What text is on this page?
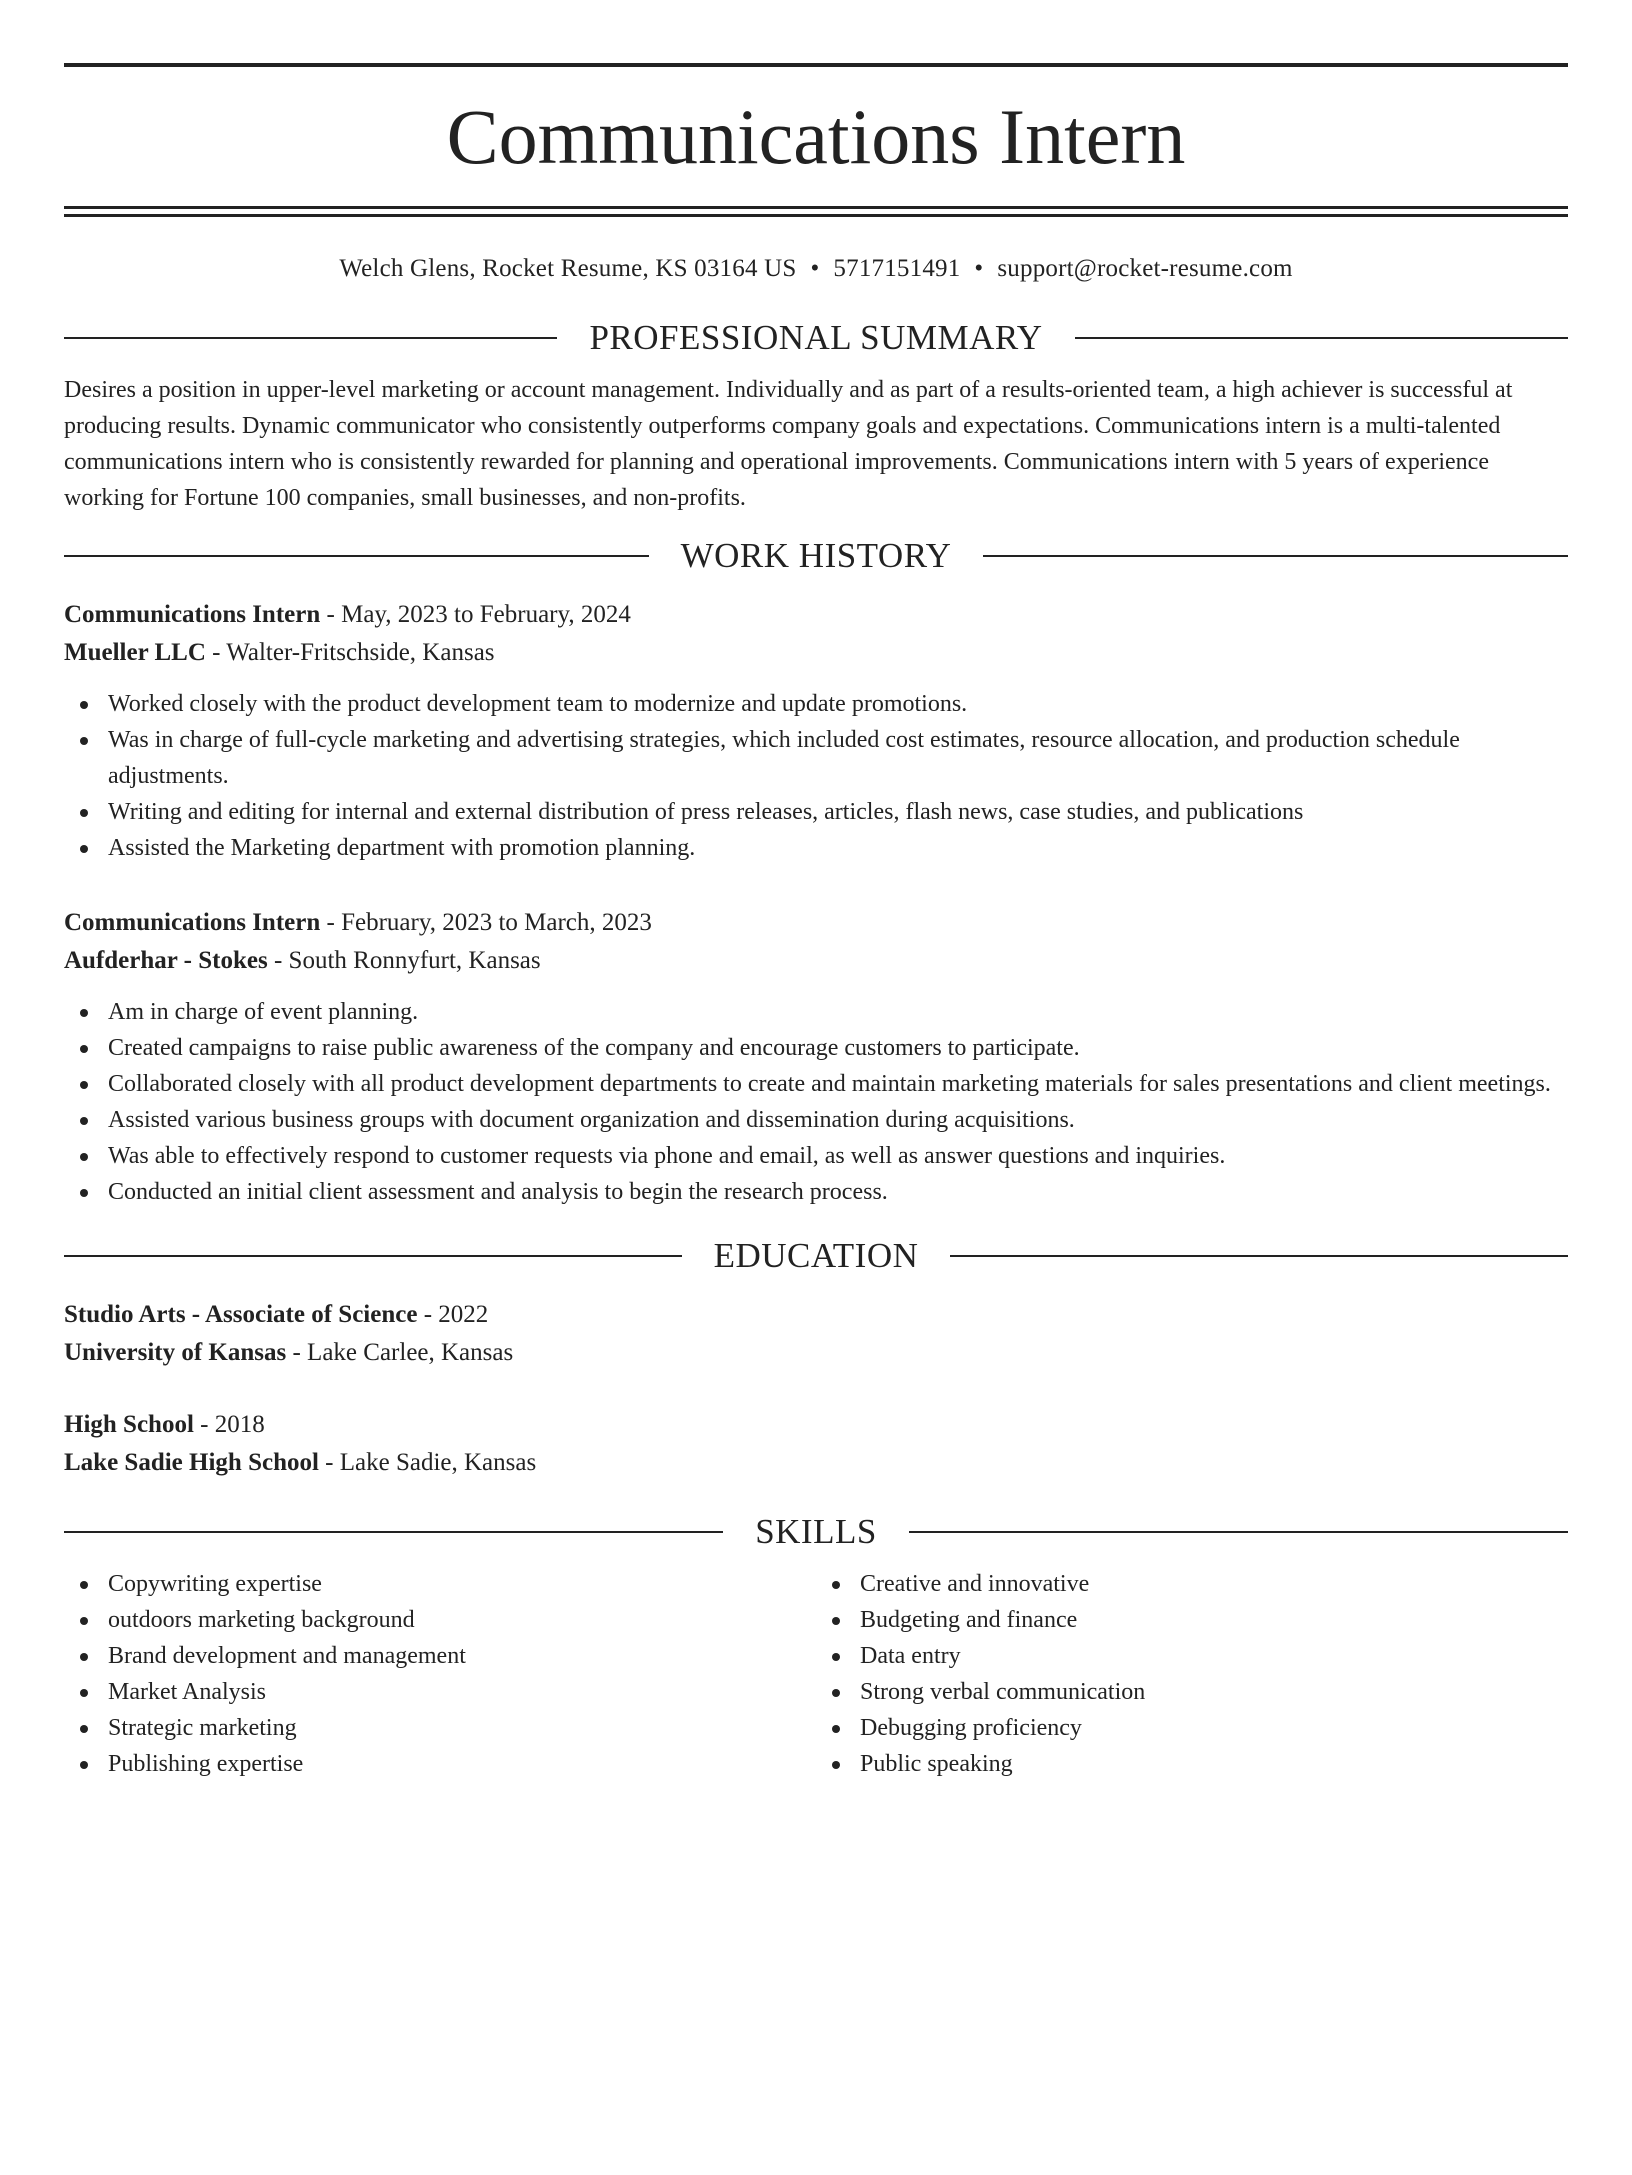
Communications Intern
Welch Glens, Rocket Resume, KS 03164 US • 5717151491 • support@rocket-resume.com
PROFESSIONAL SUMMARY
Desires a position in upper-level marketing or account management. Individually and as part of a results-oriented team, a high achiever is successful at producing results. Dynamic communicator who consistently outperforms company goals and expectations. Communications intern is a multi-talented communications intern who is consistently rewarded for planning and operational improvements. Communications intern with 5 years of experience working for Fortune 100 companies, small businesses, and non-profits.
WORK HISTORY
Communications Intern - May, 2023 to February, 2024
Mueller LLC - Walter-Fritschside, Kansas
Worked closely with the product development team to modernize and update promotions.
Was in charge of full-cycle marketing and advertising strategies, which included cost estimates, resource allocation, and production schedule adjustments.
Writing and editing for internal and external distribution of press releases, articles, flash news, case studies, and publications
Assisted the Marketing department with promotion planning.
Communications Intern - February, 2023 to March, 2023
Aufderhar - Stokes - South Ronnyfurt, Kansas
Am in charge of event planning.
Created campaigns to raise public awareness of the company and encourage customers to participate.
Collaborated closely with all product development departments to create and maintain marketing materials for sales presentations and client meetings.
Assisted various business groups with document organization and dissemination during acquisitions.
Was able to effectively respond to customer requests via phone and email, as well as answer questions and inquiries.
Conducted an initial client assessment and analysis to begin the research process.
EDUCATION
Studio Arts - Associate of Science - 2022
University of Kansas - Lake Carlee, Kansas
High School - 2018
Lake Sadie High School - Lake Sadie, Kansas
SKILLS
Copywriting expertise
outdoors marketing background
Brand development and management
Market Analysis
Strategic marketing
Publishing expertise
Creative and innovative
Budgeting and finance
Data entry
Strong verbal communication
Debugging proficiency
Public speaking
